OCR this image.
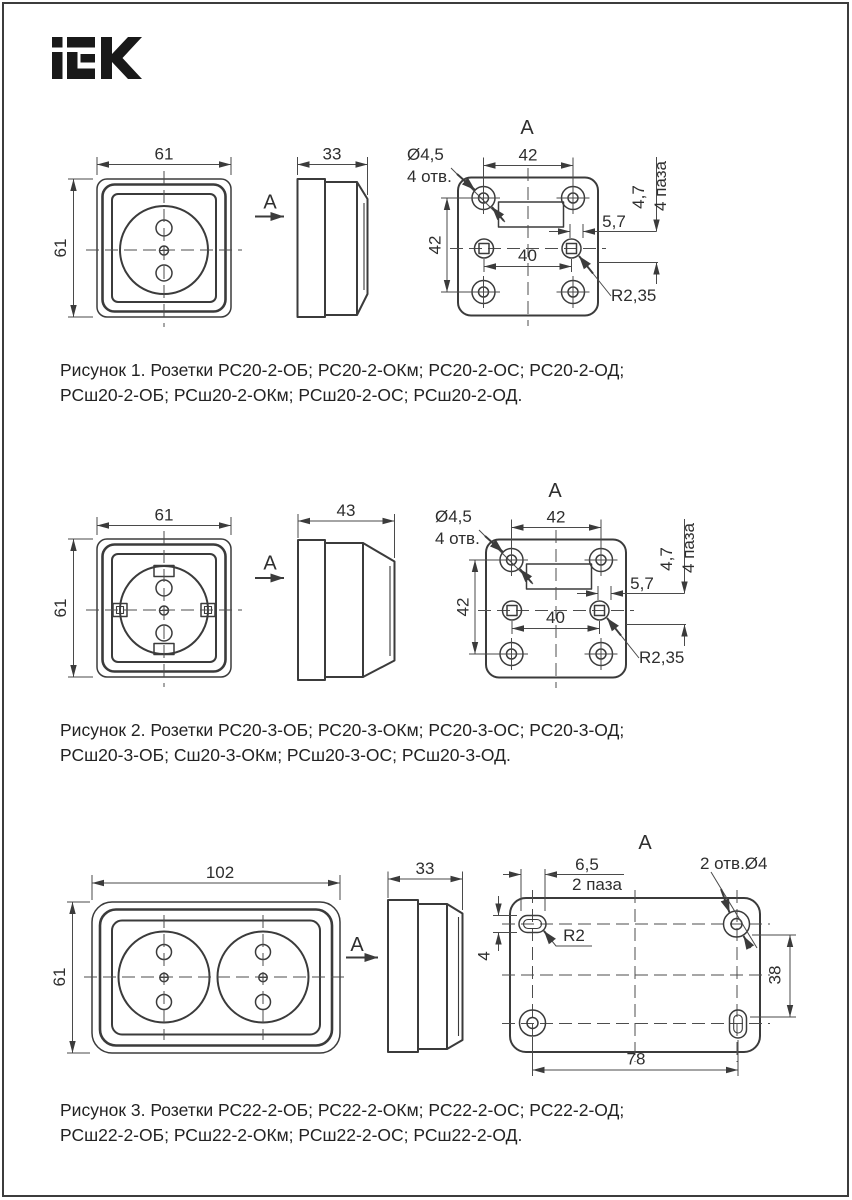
61
61
А
33
А
42
Ø4,5
4 отв.
42
40
5,7
4,7 4 паза
R2,35
61
61
А
43
А
42
Ø4,5
4 отв.
42
40
5,7
4,7 4 паза
R2,35
102
61
А
33
А
6,5
2 паза
2 отв.Ø4
R2
4
38
78
Рисунок 1. Розетки РС20-2-ОБ; РС20-2-ОКм; РС20-2-ОС; РС20-2-ОД;
РСш20-2-ОБ; РСш20-2-ОКм; РСш20-2-ОС; РСш20-2-ОД.
Рисунок 2. Розетки РС20-3-ОБ; РС20-3-ОКм; РС20-3-ОС; РС20-3-ОД;
РСш20-3-ОБ; Сш20-3-ОКм; РСш20-3-ОС; РСш20-3-ОД.
Рисунок 3. Розетки РС22-2-ОБ; РС22-2-ОКм; РС22-2-ОС; РС22-2-ОД;
РСш22-2-ОБ; РСш22-2-ОКм; РСш22-2-ОС; РСш22-2-ОД.
